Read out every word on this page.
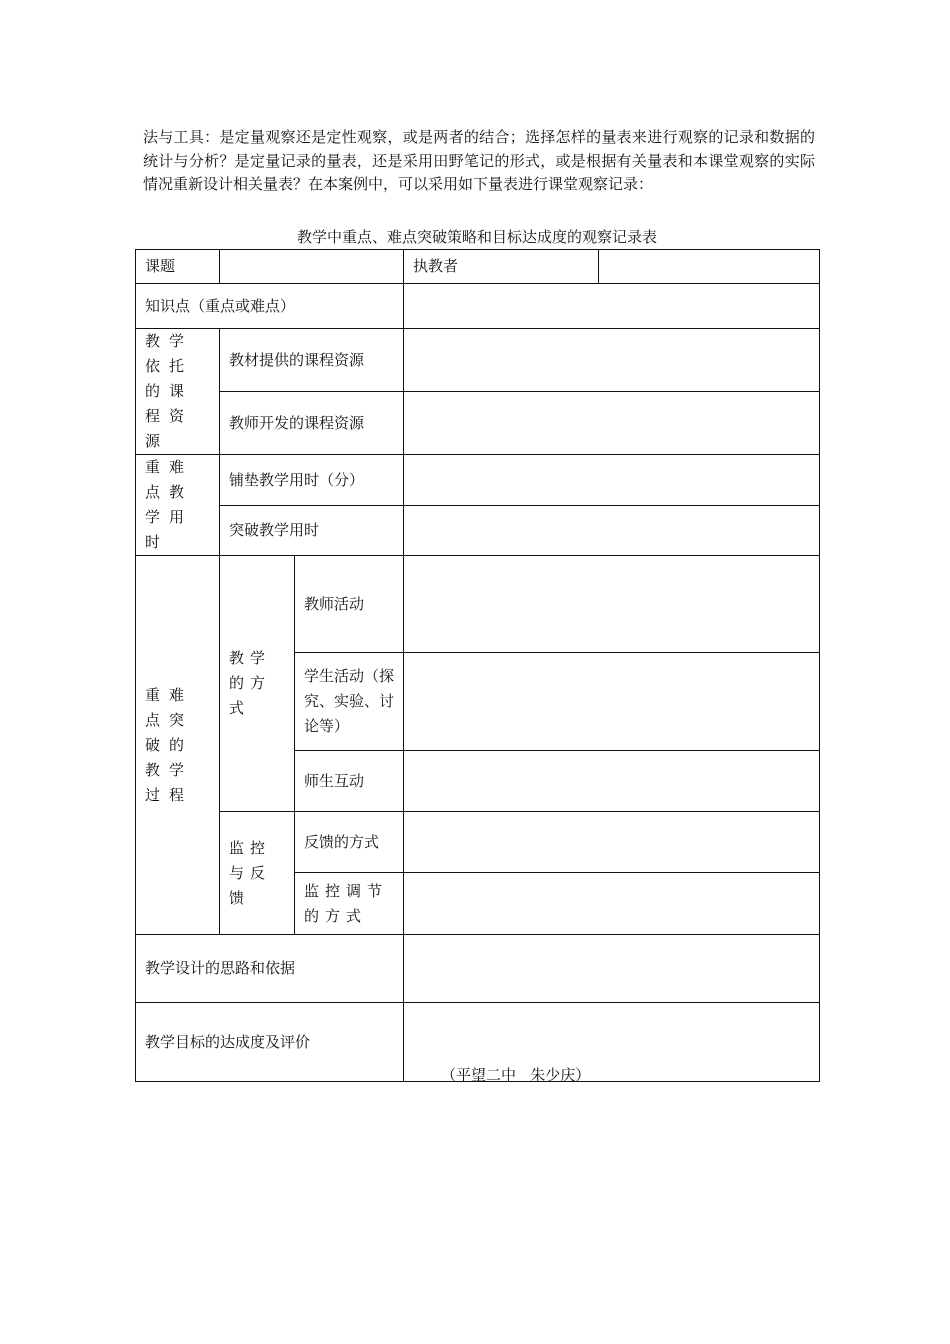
法与工具：是定量观察还是定性观察，或是两者的结合；选择怎样的量表来进行观察的记录和数据的统计与分析？是定量记录的量表，还是采用田野笔记的形式，或是根据有关量表和本课堂观察的实际情况重新设计相关量表？在本案例中，可以采用如下量表进行课堂观察记录：

教学中重点、难点突破策略和目标达成度的观察记录表
课题			执教者	
知识点（重点或难点）				
教学依托的课程资源	教材提供的课程资源			
	教师开发的课程资源			
重难点教学用时	铺垫教学用时（分）			
	突破教学用时			
重难点突破的教学过程	教学的方式	教师活动		
		学生活动（探究、实验、讨论等）		
		师生互动		
	监控与反馈	反馈的方式		
		监控调节的方式		
教学设计的思路和依据				
教学目标的达成度及评价				
（平望二中   朱少庆）
